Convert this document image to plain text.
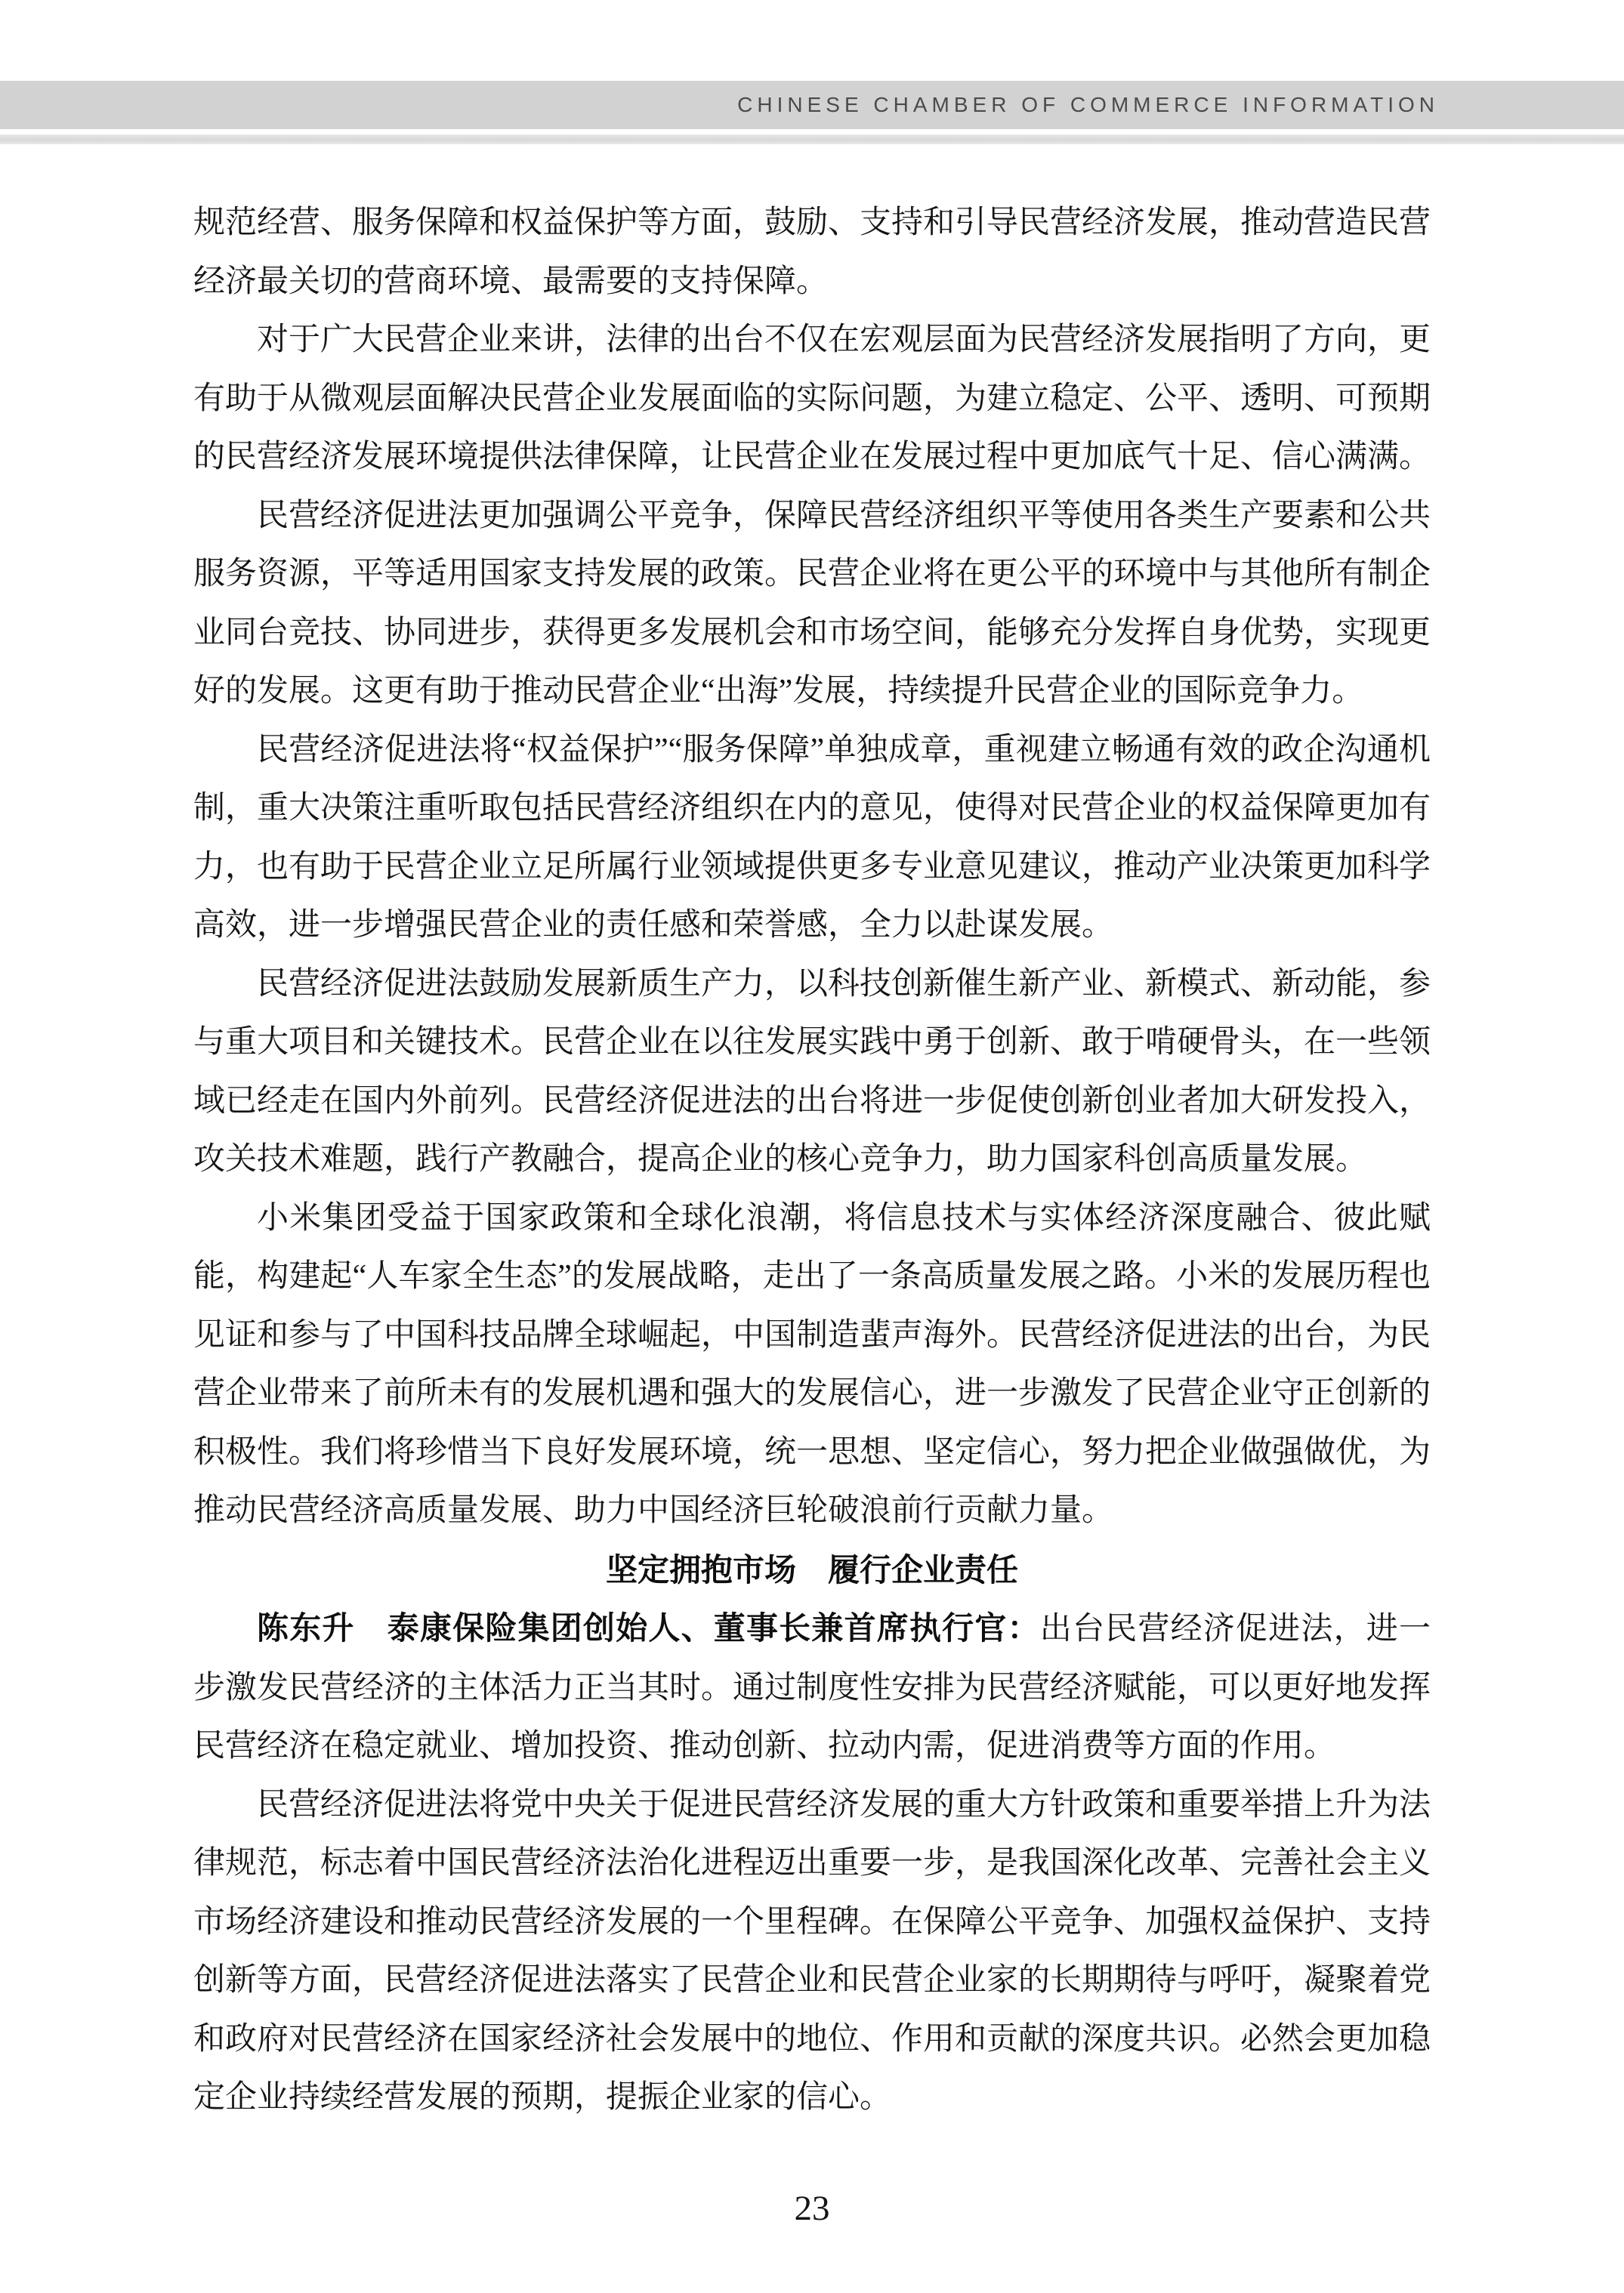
CHINESE CHAMBER OF COMMERCE INFORMATION

规范经营、服务保障和权益保护等方面，鼓励、支持和引导民营经济发展，推动营造民营经济最关切的营商环境、最需要的支持保障。

对于广大民营企业来讲，法律的出台不仅在宏观层面为民营经济发展指明了方向，更有助于从微观层面解决民营企业发展面临的实际问题，为建立稳定、公平、透明、可预期的民营经济发展环境提供法律保障，让民营企业在发展过程中更加底气十足、信心满满。

民营经济促进法更加强调公平竞争，保障民营经济组织平等使用各类生产要素和公共服务资源，平等适用国家支持发展的政策。民营企业将在更公平的环境中与其他所有制企业同台竞技、协同进步，获得更多发展机会和市场空间，能够充分发挥自身优势，实现更好的发展。这更有助于推动民营企业“出海”发展，持续提升民营企业的国际竞争力。

民营经济促进法将“权益保护”“服务保障”单独成章，重视建立畅通有效的政企沟通机制，重大决策注重听取包括民营经济组织在内的意见，使得对民营企业的权益保障更加有力，也有助于民营企业立足所属行业领域提供更多专业意见建议，推动产业决策更加科学高效，进一步增强民营企业的责任感和荣誉感，全力以赴谋发展。

民营经济促进法鼓励发展新质生产力，以科技创新催生新产业、新模式、新动能，参与重大项目和关键技术。民营企业在以往发展实践中勇于创新、敢于啃硬骨头，在一些领域已经走在国内外前列。民营经济促进法的出台将进一步促使创新创业者加大研发投入，攻关技术难题，践行产教融合，提高企业的核心竞争力，助力国家科创高质量发展。

小米集团受益于国家政策和全球化浪潮，将信息技术与实体经济深度融合、彼此赋能，构建起“人车家全生态”的发展战略，走出了一条高质量发展之路。小米的发展历程也见证和参与了中国科技品牌全球崛起，中国制造蜚声海外。民营经济促进法的出台，为民营企业带来了前所未有的发展机遇和强大的发展信心，进一步激发了民营企业守正创新的积极性。我们将珍惜当下良好发展环境，统一思想、坚定信心，努力把企业做强做优，为推动民营经济高质量发展、助力中国经济巨轮破浪前行贡献力量。

坚定拥抱市场　履行企业责任

陈东升　泰康保险集团创始人、董事长兼首席执行官：出台民营经济促进法，进一步激发民营经济的主体活力正当其时。通过制度性安排为民营经济赋能，可以更好地发挥民营经济在稳定就业、增加投资、推动创新、拉动内需，促进消费等方面的作用。

民营经济促进法将党中央关于促进民营经济发展的重大方针政策和重要举措上升为法律规范，标志着中国民营经济法治化进程迈出重要一步，是我国深化改革、完善社会主义市场经济建设和推动民营经济发展的一个里程碑。在保障公平竞争、加强权益保护、支持创新等方面，民营经济促进法落实了民营企业和民营企业家的长期期待与呼吁，凝聚着党和政府对民营经济在国家经济社会发展中的地位、作用和贡献的深度共识。必然会更加稳定企业持续经营发展的预期，提振企业家的信心。

23
